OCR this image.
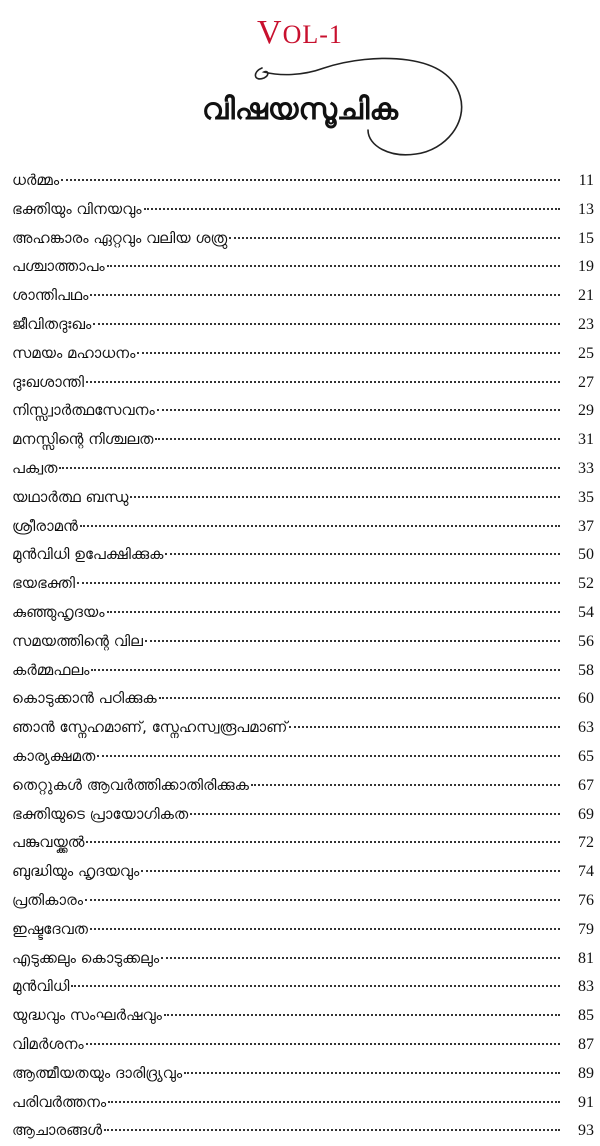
VOL-1
വിഷയസൂചിക
ധർമ്മം	11
ഭക്തിയും വിനയവും	13
അഹങ്കാരം ഏറ്റവും വലിയ ശത്രു	15
പശ്ചാത്താപം	19
ശാന്തിപഥം	21
ജീവിതദുഃഖം	23
സമയം മഹാധനം	25
ദുഃഖശാന്തി	27
നിസ്സ്വാർത്ഥസേവനം	29
മനസ്സിന്റെ നിശ്ചലത	31
പക്വത	33
യഥാർത്ഥ ബന്ധു	35
ശ്രീരാമൻ	37
മുൻവിധി ഉപേക്ഷിക്കുക	50
ഭയഭക്തി	52
കുഞ്ഞുഹൃദയം	54
സമയത്തിന്റെ വില	56
കർമ്മഫലം	58
കൊടുക്കാൻ പഠിക്കുക	60
ഞാൻ സ്നേഹമാണ്, സ്നേഹസ്വരൂപമാണ്	63
കാര്യക്ഷമത	65
തെറ്റുകൾ ആവർത്തിക്കാതിരിക്കുക	67
ഭക്തിയുടെ പ്രായോഗികത	69
പങ്കുവയ്ക്കൽ	72
ബുദ്ധിയും ഹൃദയവും	74
പ്രതികാരം	76
ഇഷ്ടദേവത	79
എടുക്കലും കൊടുക്കലും	81
മുൻവിധി	83
യുദ്ധവും സംഘർഷവും	85
വിമർശനം	87
ആത്മീയതയും ദാരിദ്ര്യവും	89
പരിവർത്തനം	91
ആചാരങ്ങൾ	93
